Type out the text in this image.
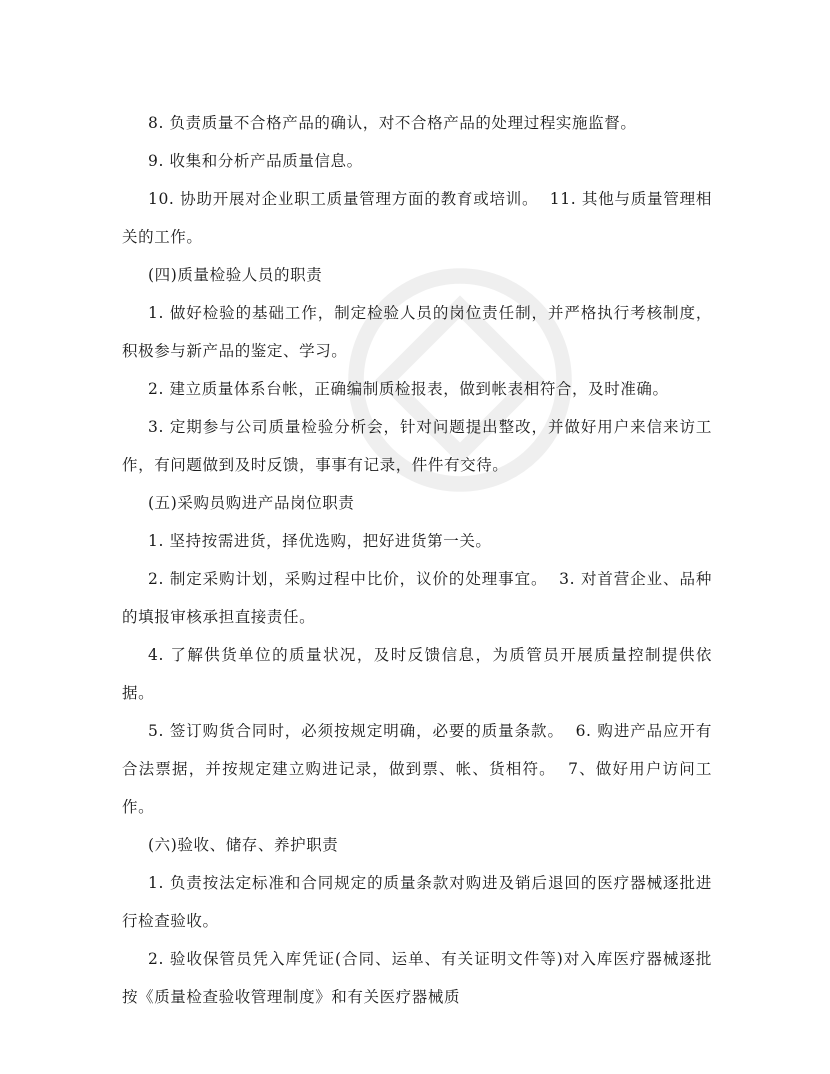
8. 负责质量不合格产品的确认，对不合格产品的处理过程实施监督。

9. 收集和分析产品质量信息。

10. 协助开展对企业职工质量管理方面的教育或培训。 11. 其他与质量管理相关的工作。

(四)质量检验人员的职责

1. 做好检验的基础工作，制定检验人员的岗位责任制，并严格执行考核制度，积极参与新产品的鉴定、学习。

2. 建立质量体系台帐，正确编制质检报表，做到帐表相符合，及时准确。

3. 定期参与公司质量检验分析会，针对问题提出整改，并做好用户来信来访工作，有问题做到及时反馈，事事有记录，件件有交待。

(五)采购员购进产品岗位职责

1. 坚持按需进货，择优选购，把好进货第一关。

2. 制定采购计划，采购过程中比价，议价的处理事宜。 3. 对首营企业、品种的填报审核承担直接责任。

4. 了解供货单位的质量状况，及时反馈信息，为质管员开展质量控制提供依据。

5. 签订购货合同时，必须按规定明确，必要的质量条款。 6. 购进产品应开有合法票据，并按规定建立购进记录，做到票、帐、货相符。 7、做好用户访问工作。

(六)验收、储存、养护职责

1. 负责按法定标准和合同规定的质量条款对购进及销后退回的医疗器械逐批进行检查验收。

2. 验收保管员凭入库凭证(合同、运单、有关证明文件等)对入库医疗器械逐批按《质量检查验收管理制度》和有关医疗器械质
